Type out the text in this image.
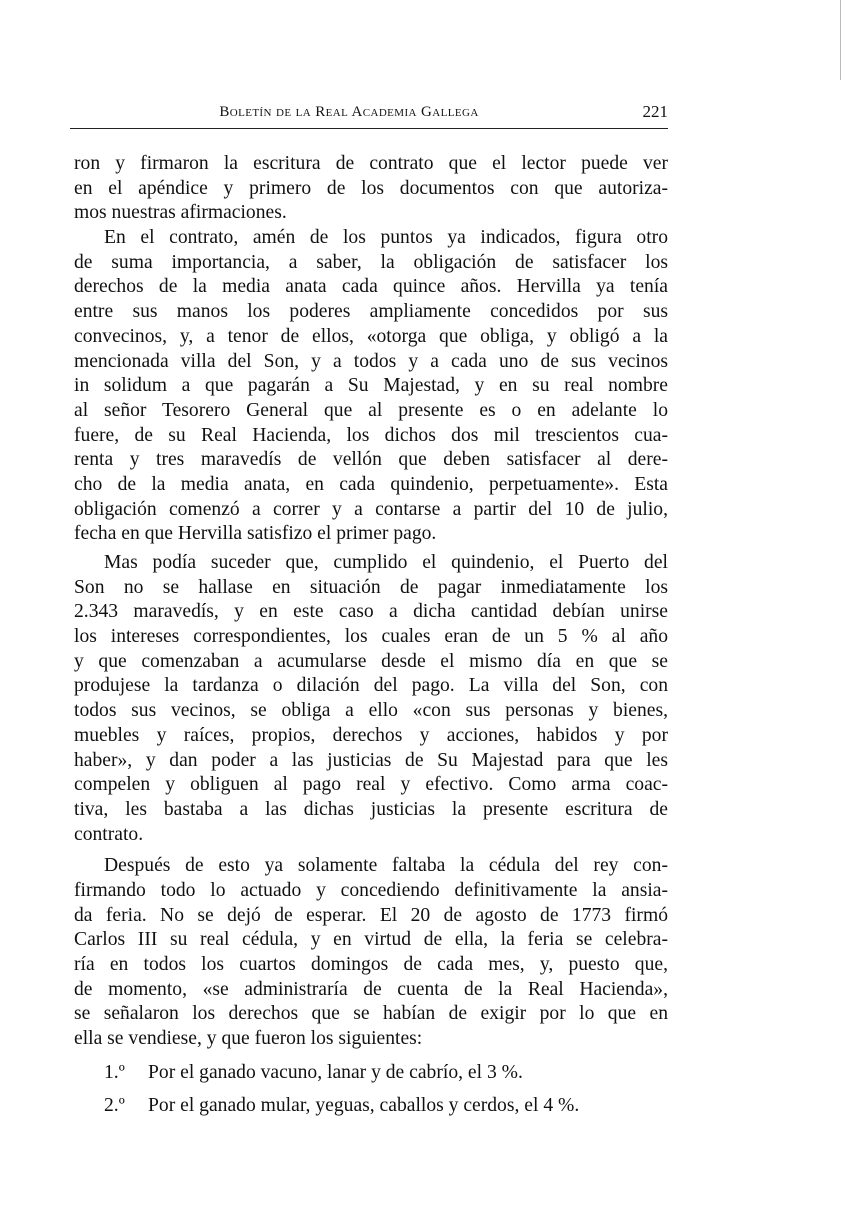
Boletín de la Real Academia Gallega	221
ron y firmaron la escritura de contrato que el lector puede ver
en el apéndice y primero de los documentos con que autoriza-
mos nuestras afirmaciones.
En el contrato, amén de los puntos ya indicados, figura otro
de suma importancia, a saber, la obligación de satisfacer los
derechos de la media anata cada quince años. Hervilla ya tenía
entre sus manos los poderes ampliamente concedidos por sus
convecinos, y, a tenor de ellos, «otorga que obliga, y obligó a la
mencionada villa del Son, y a todos y a cada uno de sus vecinos
in solidum a que pagarán a Su Majestad, y en su real nombre
al señor Tesorero General que al presente es o en adelante lo
fuere, de su Real Hacienda, los dichos dos mil trescientos cua-
renta y tres maravedís de vellón que deben satisfacer al dere-
cho de la media anata, en cada quindenio, perpetuamente». Esta
obligación comenzó a correr y a contarse a partir del 10 de julio,
fecha en que Hervilla satisfizo el primer pago.
Mas podía suceder que, cumplido el quindenio, el Puerto del
Son no se hallase en situación de pagar inmediatamente los
2.343 maravedís, y en este caso a dicha cantidad debían unirse
los intereses correspondientes, los cuales eran de un 5 % al año
y que comenzaban a acumularse desde el mismo día en que se
produjese la tardanza o dilación del pago. La villa del Son, con
todos sus vecinos, se obliga a ello «con sus personas y bienes,
muebles y raíces, propios, derechos y acciones, habidos y por
haber», y dan poder a las justicias de Su Majestad para que les
compelen y obliguen al pago real y efectivo. Como arma coac-
tiva, les bastaba a las dichas justicias la presente escritura de
contrato.
Después de esto ya solamente faltaba la cédula del rey con-
firmando todo lo actuado y concediendo definitivamente la ansia-
da feria. No se dejó de esperar. El 20 de agosto de 1773 firmó
Carlos III su real cédula, y en virtud de ella, la feria se celebra-
ría en todos los cuartos domingos de cada mes, y, puesto que,
de momento, «se administraría de cuenta de la Real Hacienda»,
se señalaron los derechos que se habían de exigir por lo que en
ella se vendiese, y que fueron los siguientes:
1.º	Por el ganado vacuno, lanar y de cabrío, el 3 %.
2.º	Por el ganado mular, yeguas, caballos y cerdos, el 4 %.
